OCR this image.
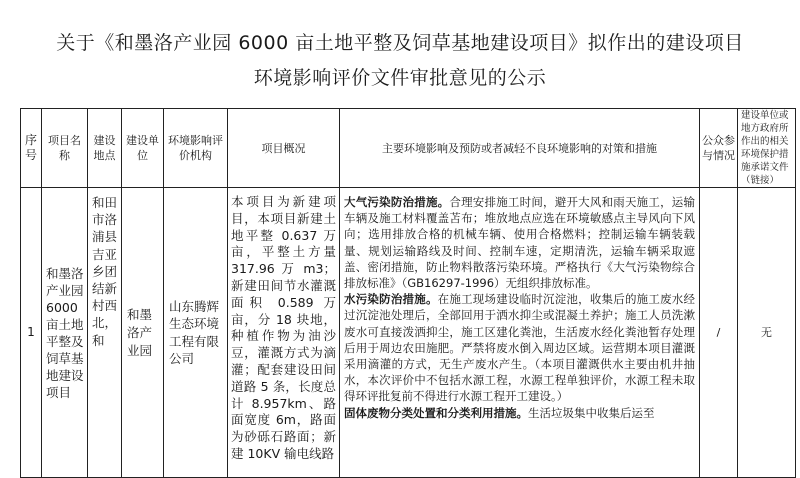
关于《和墨洛产业园 6000 亩土地平整及饲草基地建设项目》拟作出的建设项目
环境影响评价文件审批意见的公示
序号	项目名称	建设地点	建设单位	环境影响评价机构	项目概况	主要环境影响及预防或者减轻不良环境影响的对策和措施	公众参与情况	建设单位或地方政府所作出的相关环境保护措施承诺文件（链接）
1	和墨洛产业园6000亩土地平整及饲草基地建设项目	和田市洛浦县吉亚乡团结新村西北，和	和墨洛产业园	山东腾辉生态环境工程有限公司	本项目为新建项目，本项目新建土地平整 0.637 万亩，平整土方量 317.96 万 m3；新建田间节水灌溉面积 0.589 万亩，分 18 块地，种植作物为油沙豆，灌溉方式为滴灌；配套建设田间道路 5 条，长度总计 8.957km、路面宽度 6m，路面为砂砾石路面；新建 10KV 输电线路	大气污染防治措施。合理安排施工时间，避开大风和雨天施工，运输车辆及施工材料覆盖苫布；堆放地点应选在环境敏感点主导风向下风向；选用排放合格的机械车辆、使用合格燃料；控制运输车辆装载量、规划运输路线及时间、控制车速，定期清洗，运输车辆采取遮盖、密闭措施，防止物料散落污染环境。严格执行《大气污染物综合排放标准》（GB16297-1996）无组织排放标准。

水污染防治措施。在施工现场建设临时沉淀池，收集后的施工废水经过沉淀池处理后，全部回用于洒水抑尘或混凝土养护；施工人员洗漱废水可直接泼洒抑尘，施工区建化粪池，生活废水经化粪池暂存处理后用于周边农田施肥。严禁将废水倒入周边区域。运营期本项目灌溉采用滴灌的方式，无生产废水产生。（本项目灌溉供水主要由机井抽水，本次评价中不包括水源工程，水源工程单独评价，水源工程未取得环评批复前不得进行水源工程开工建设。）

固体废物分类处置和分类利用措施。生活垃圾集中收集后运至	/	无
